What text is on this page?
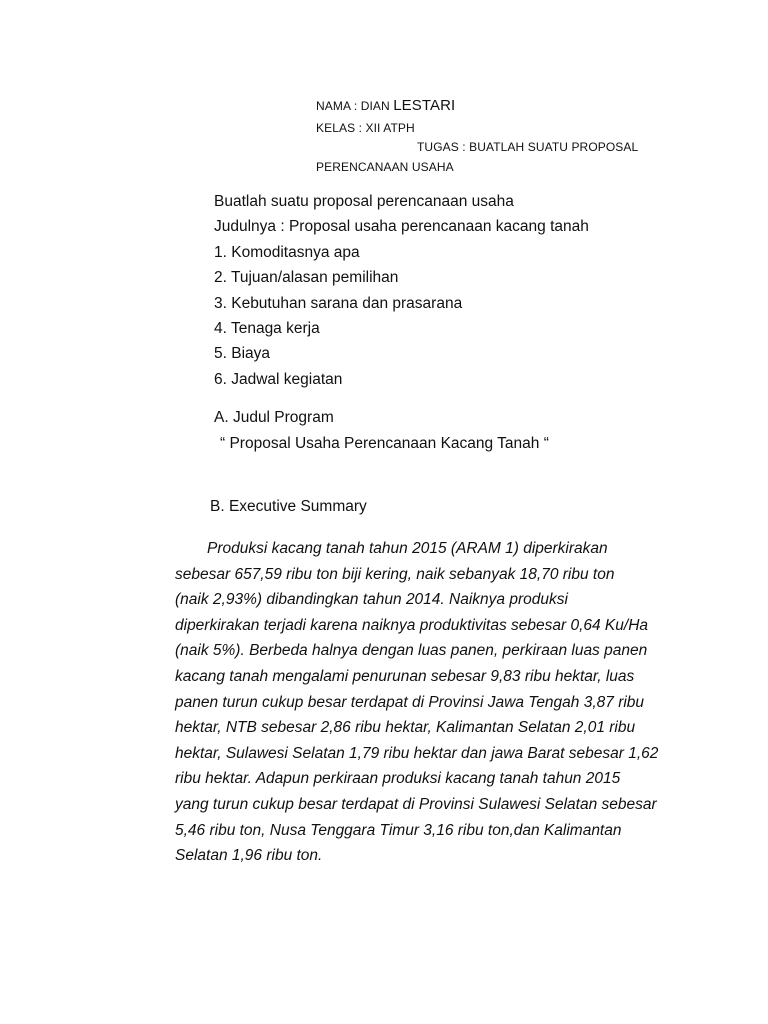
NAMA : DIAN LESTARI
KELAS : XII ATPH
TUGAS : BUATLAH SUATU PROPOSAL
PERENCANAAN USAHA
Buatlah suatu proposal perencanaan usaha
Judulnya : Proposal usaha perencanaan kacang tanah
1. Komoditasnya apa
2. Tujuan/alasan pemilihan
3. Kebutuhan sarana dan prasarana
4. Tenaga kerja
5. Biaya
6. Jadwal kegiatan
A. Judul Program
“ Proposal Usaha Perencanaan Kacang Tanah “
B. Executive Summary
Produksi kacang tanah tahun 2015 (ARAM 1) diperkirakan
sebesar 657,59 ribu ton biji kering, naik sebanyak 18,70 ribu ton
(naik 2,93%) dibandingkan tahun 2014. Naiknya produksi
diperkirakan terjadi karena naiknya produktivitas sebesar 0,64 Ku/Ha
(naik 5%). Berbeda halnya dengan luas panen, perkiraan luas panen
kacang tanah mengalami penurunan sebesar 9,83 ribu hektar, luas
panen turun cukup besar terdapat di Provinsi Jawa Tengah 3,87 ribu
hektar, NTB sebesar 2,86 ribu hektar, Kalimantan Selatan 2,01 ribu
hektar, Sulawesi Selatan 1,79 ribu hektar dan jawa Barat sebesar 1,62
ribu hektar. Adapun perkiraan produksi kacang tanah tahun 2015
yang turun cukup besar terdapat di Provinsi Sulawesi Selatan sebesar
5,46 ribu ton, Nusa Tenggara Timur 3,16 ribu ton,dan Kalimantan
Selatan 1,96 ribu ton.
